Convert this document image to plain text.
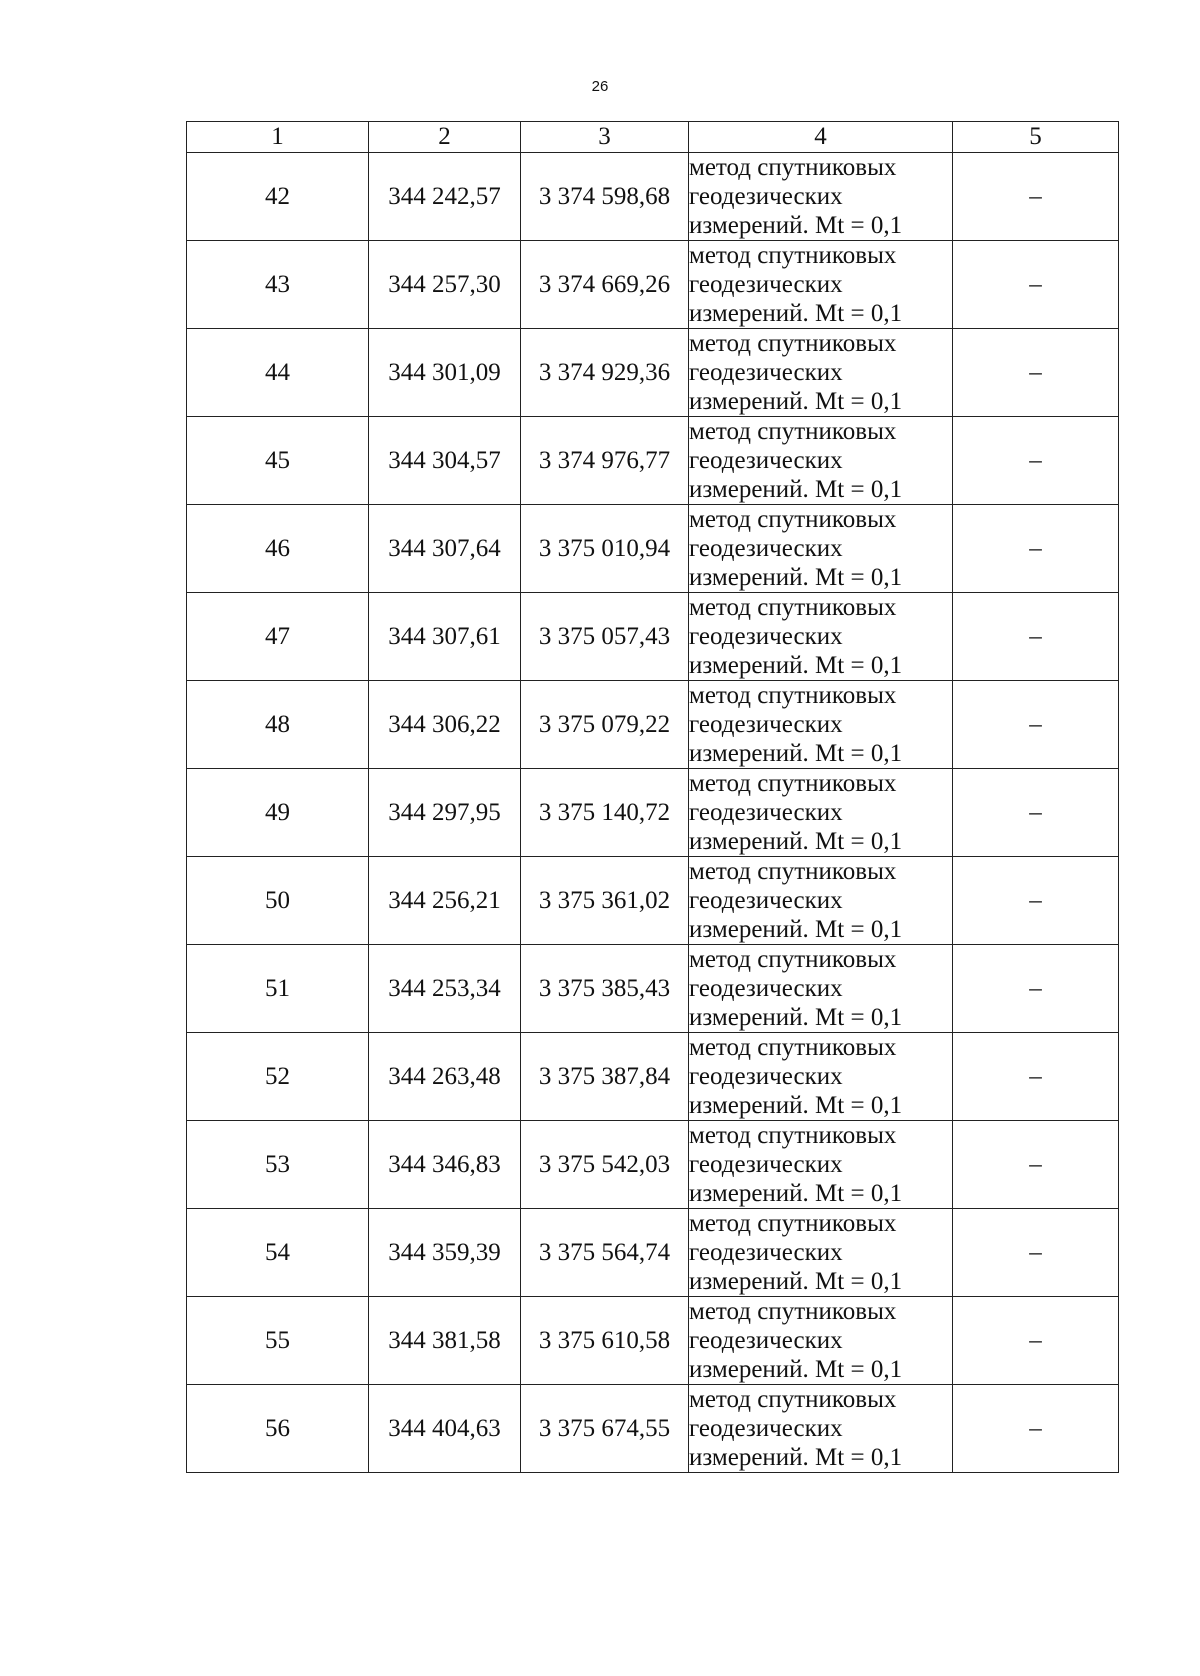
26
1	2	3	4	5
42	344 242,57	3 374 598,68	метод спутниковых
геодезических
измерений. Mt = 0,1	–
43	344 257,30	3 374 669,26	метод спутниковых
геодезических
измерений. Mt = 0,1	–
44	344 301,09	3 374 929,36	метод спутниковых
геодезических
измерений. Mt = 0,1	–
45	344 304,57	3 374 976,77	метод спутниковых
геодезических
измерений. Mt = 0,1	–
46	344 307,64	3 375 010,94	метод спутниковых
геодезических
измерений. Mt = 0,1	–
47	344 307,61	3 375 057,43	метод спутниковых
геодезических
измерений. Mt = 0,1	–
48	344 306,22	3 375 079,22	метод спутниковых
геодезических
измерений. Mt = 0,1	–
49	344 297,95	3 375 140,72	метод спутниковых
геодезических
измерений. Mt = 0,1	–
50	344 256,21	3 375 361,02	метод спутниковых
геодезических
измерений. Mt = 0,1	–
51	344 253,34	3 375 385,43	метод спутниковых
геодезических
измерений. Mt = 0,1	–
52	344 263,48	3 375 387,84	метод спутниковых
геодезических
измерений. Mt = 0,1	–
53	344 346,83	3 375 542,03	метод спутниковых
геодезических
измерений. Mt = 0,1	–
54	344 359,39	3 375 564,74	метод спутниковых
геодезических
измерений. Mt = 0,1	–
55	344 381,58	3 375 610,58	метод спутниковых
геодезических
измерений. Mt = 0,1	–
56	344 404,63	3 375 674,55	метод спутниковых
геодезических
измерений. Mt = 0,1	–
